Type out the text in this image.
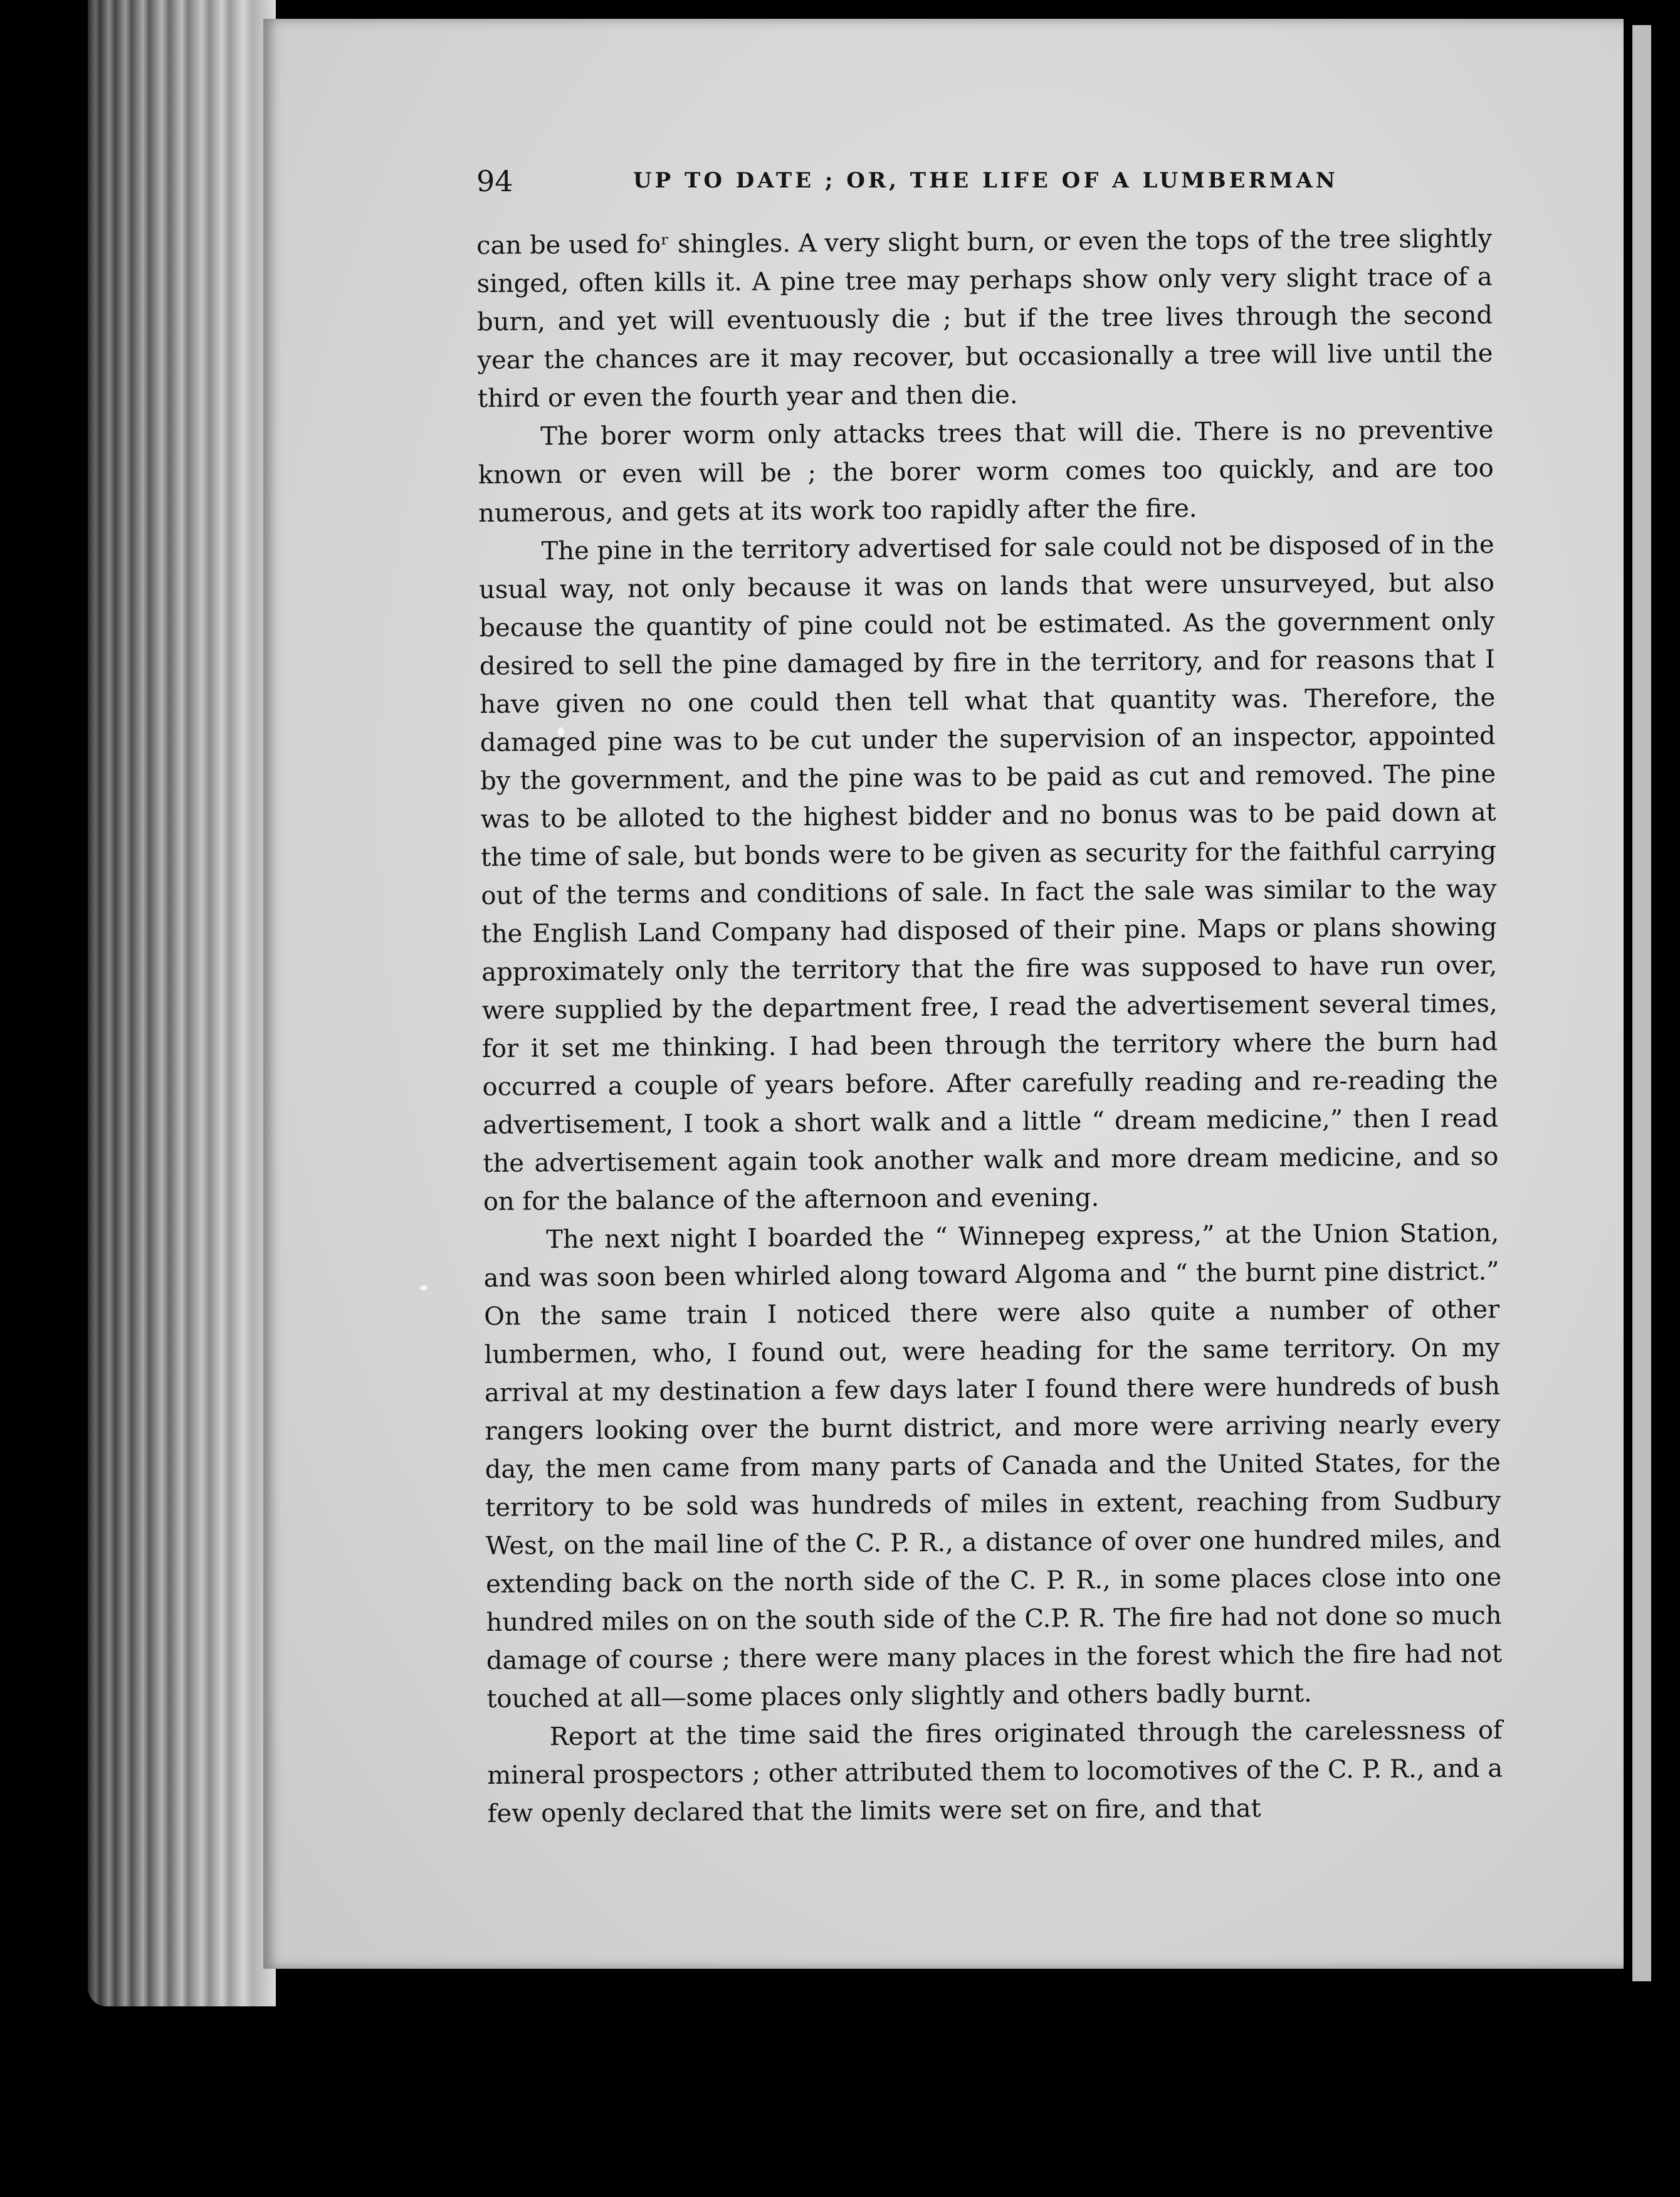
94	UP TO DATE ; OR, THE LIFE OF A LUMBERMAN

can be used foʳ shingles. A very slight burn, or even the tops of the tree slightly singed, often kills it. A pine tree may perhaps show only very slight trace of a burn, and yet will eventuously die ; but if the tree lives through the second year the chances are it may recover, but occasionally a tree will live until the third or even the fourth year and then die.

The borer worm only attacks trees that will die. There is no preventive known or even will be ; the borer worm comes too quickly, and are too numerous, and gets at its work too rapidly after the fire.

The pine in the territory advertised for sale could not be disposed of in the usual way, not only because it was on lands that were unsurveyed, but also because the quantity of pine could not be estimated. As the government only desired to sell the pine damaged by fire in the territory, and for reasons that I have given no one could then tell what that quantity was. Therefore, the damaged pine was to be cut under the supervision of an inspector, appointed by the government, and the pine was to be paid as cut and removed. The pine was to be alloted to the highest bidder and no bonus was to be paid down at the time of sale, but bonds were to be given as security for the faithful carrying out of the terms and conditions of sale. In fact the sale was similar to the way the English Land Company had disposed of their pine. Maps or plans showing approximately only the territory that the fire was supposed to have run over, were supplied by the department free, I read the advertisement several times, for it set me thinking. I had been through the territory where the burn had occurred a couple of years before. After carefully reading and re-reading the advertisement, I took a short walk and a little “ dream medicine,” then I read the advertisement again took another walk and more dream medicine, and so on for the balance of the afternoon and evening.

The next night I boarded the “ Winnepeg express,” at the Union Station, and was soon been whirled along toward Algoma and “ the burnt pine district.” On the same train I noticed there were also quite a number of other lumbermen, who, I found out, were heading for the same territory. On my arrival at my destination a few days later I found there were hundreds of bush rangers looking over the burnt district, and more were arriving nearly every day, the men came from many parts of Canada and the United States, for the territory to be sold was hundreds of miles in extent, reaching from Sudbury West, on the mail line of the C. P. R., a distance of over one hundred miles, and extending back on the north side of the C. P. R., in some places close into one hundred miles on on the south side of the C.P. R. The fire had not done so much damage of course ; there were many places in the forest which the fire had not touched at all—some places only slightly and others badly burnt.

Report at the time said the fires originated through the carelessness of mineral prospectors ; other attributed them to locomotives of the C. P. R., and a few openly declared that the limits were set on fire, and that
